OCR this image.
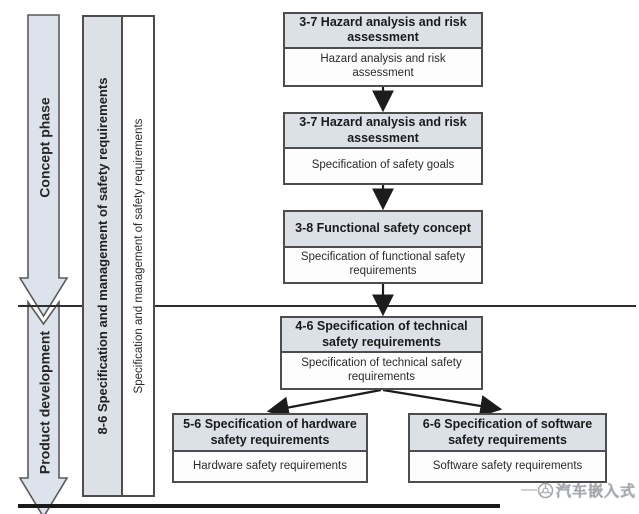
Concept phase
Product development	8-6 Specification and management of safety requirements	Specification and management of safety requirements
3-7 Hazard analysis and risk assessment
Hazard analysis and risk assessment
3-7 Hazard analysis and risk assessment
Specification of safety goals
3-8 Functional safety concept
Specification of functional safety requirements
4-6 Specification of technical safety requirements
Specification of technical safety requirements
5-6 Specification of hardware safety requirements
Hardware safety requirements
6-6 Specification of software safety requirements
Software safety requirements
— 汽车嵌入式
